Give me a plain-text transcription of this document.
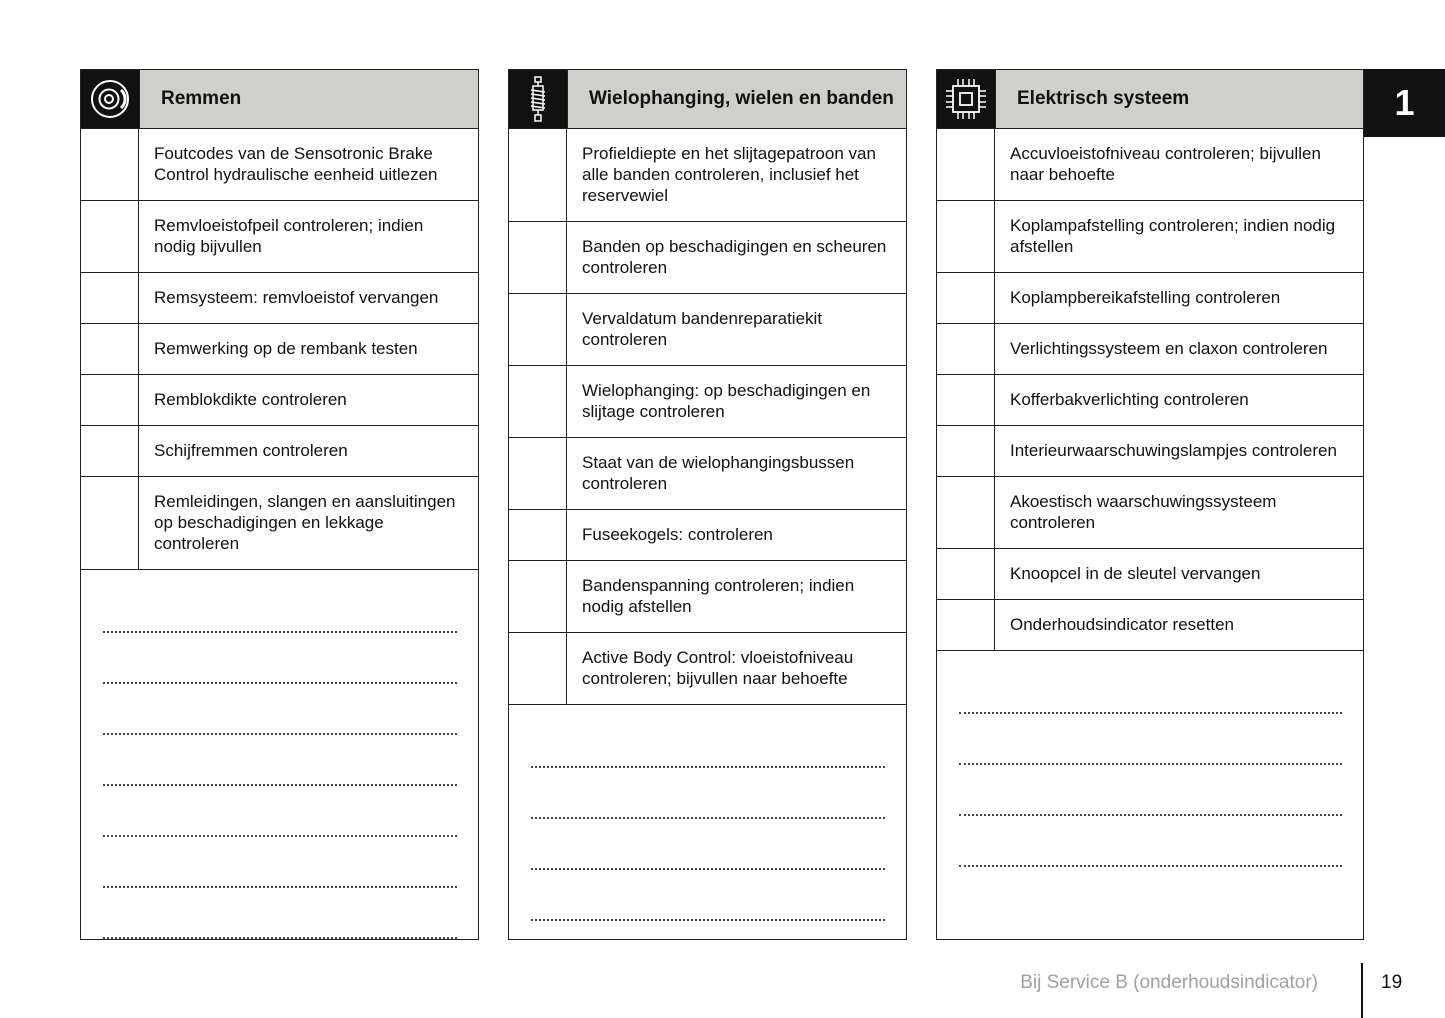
Remmen
Foutcodes van de Sensotronic Brake Control hydraulische eenheid uitlezen
Remvloeistofpeil controleren; indien nodig bijvullen
Remsysteem: remvloeistof vervangen
Remwerking op de rembank testen
Remblokdikte controleren
Schijfremmen controleren
Remleidingen, slangen en aansluitingen op beschadigingen en lekkage controleren
Wielophanging, wielen en banden
Profieldiepte en het slijtagepatroon van alle banden controleren, inclusief het reservewiel
Banden op beschadigingen en scheuren controleren
Vervaldatum bandenreparatiekit controleren
Wielophanging: op beschadigingen en slijtage controleren
Staat van de wielophangingsbussen controleren
Fuseekogels: controleren
Bandenspanning controleren; indien nodig afstellen
Active Body Control: vloeistofniveau controleren; bijvullen naar behoefte
Elektrisch systeem
Accuvloeistofniveau controleren; bijvullen naar behoefte
Koplampafstelling controleren; indien nodig afstellen
Koplampbereikafstelling controleren
Verlichtingssysteem en claxon controleren
Kofferbakverlichting controleren
Interieurwaarschuwingslampjes controleren
Akoestisch waarschuwingssysteem controleren
Knoopcel in de sleutel vervangen
Onderhoudsindicator resetten
1
Bij Service B (onderhoudsindicator)	19
